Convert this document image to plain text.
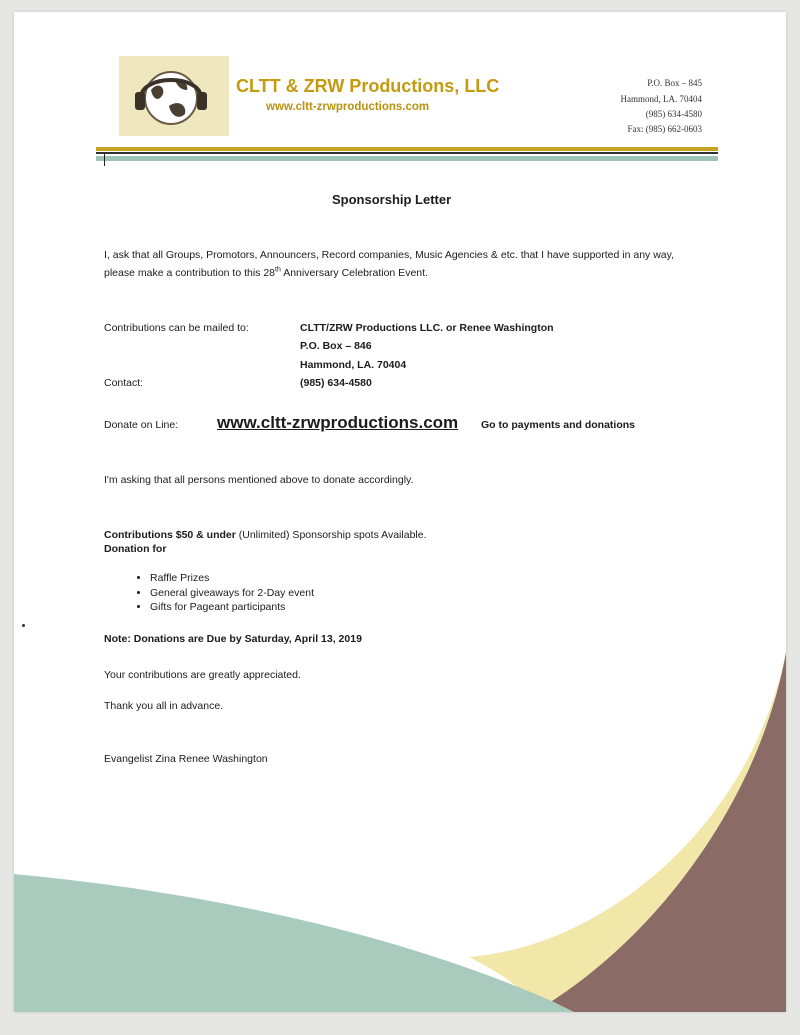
CLTT & ZRW Productions, LLC
www.cltt-zrwproductions.com
P.O. Box – 845
Hammond, LA. 70404
(985) 634-4580
Fax: (985) 662-0603
Sponsorship Letter
I, ask that all Groups, Promotors, Announcers, Record companies, Music Agencies & etc. that I have supported in any way, please make a contribution to this 28th Anniversary Celebration Event.
Contributions can be mailed to:	CLTT/ZRW Productions LLC. or Renee Washington
P.O. Box – 846
Hammond, LA. 70404
Contact:	(985) 634-4580
Donate on Line: www.cltt-zrwproductions.com Go to payments and donations
I'm asking that all persons mentioned above to donate accordingly.
Contributions $50 & under (Unlimited) Sponsorship spots Available.
Donation for
• Raffle Prizes
• General giveaways for 2-Day event
• Gifts for Pageant participants
Note: Donations are Due by Saturday, April 13, 2019
Your contributions are greatly appreciated.
Thank you all in advance.
Evangelist Zina Renee Washington
